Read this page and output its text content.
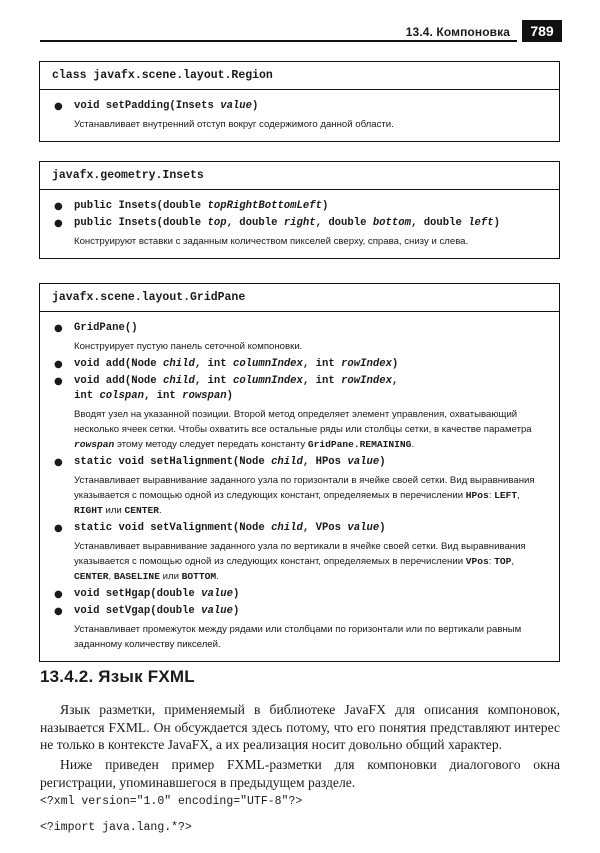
13.4. Компоновка	789
class javafx.scene.layout.Region
● void setPadding(Insets value)
Устанавливает внутренний отступ вокруг содержимого данной области.
javafx.geometry.Insets
● public Insets(double topRightBottomLeft)
● public Insets(double top, double right, double bottom, double left)
Конструируют вставки с заданным количеством пикселей сверху, справа, снизу и слева.
javafx.scene.layout.GridPane
● GridPane()
Конструирует пустую панель сеточной компоновки.
● void add(Node child, int columnIndex, int rowIndex)
● void add(Node child, int columnIndex, int rowIndex,
int colspan, int rowspan)
Вводят узел на указанной позиции. Второй метод определяет элемент управления, охватывающий несколько ячеек сетки. Чтобы охватить все остальные ряды или столбцы сетки, в качестве параметра rowspan этому методу следует передать константу GridPane.REMAINING.
● static void setHalignment(Node child, HPos value)
Устанавливает выравнивание заданного узла по горизонтали в ячейке своей сетки. Вид выравнивания указывается с помощью одной из следующих констант, определяемых в перечислении HPos: LEFT, RIGHT или CENTER.
● static void setValignment(Node child, VPos value)
Устанавливает выравнивание заданного узла по вертикали в ячейке своей сетки. Вид выравнивания указывается с помощью одной из следующих констант, определяемых в перечислении VPos: TOP, CENTER, BASELINE или BOTTOM.
● void setHgap(double value)
● void setVgap(double value)
Устанавливает промежуток между рядами или столбцами по горизонтали или по вертикали равным заданному количеству пикселей.
13.4.2. Язык FXML
Язык разметки, применяемый в библиотеке JavaFX для описания компоновок, называется FXML. Он обсуждается здесь потому, что его понятия представляют интерес не только в контексте JavaFX, а их реализация носит довольно общий характер.
Ниже приведен пример FXML-разметки для компоновки диалогового окна регистрации, упоминавшегося в предыдущем разделе.
<?xml version="1.0" encoding="UTF-8"?>
<?import java.lang.*?>
